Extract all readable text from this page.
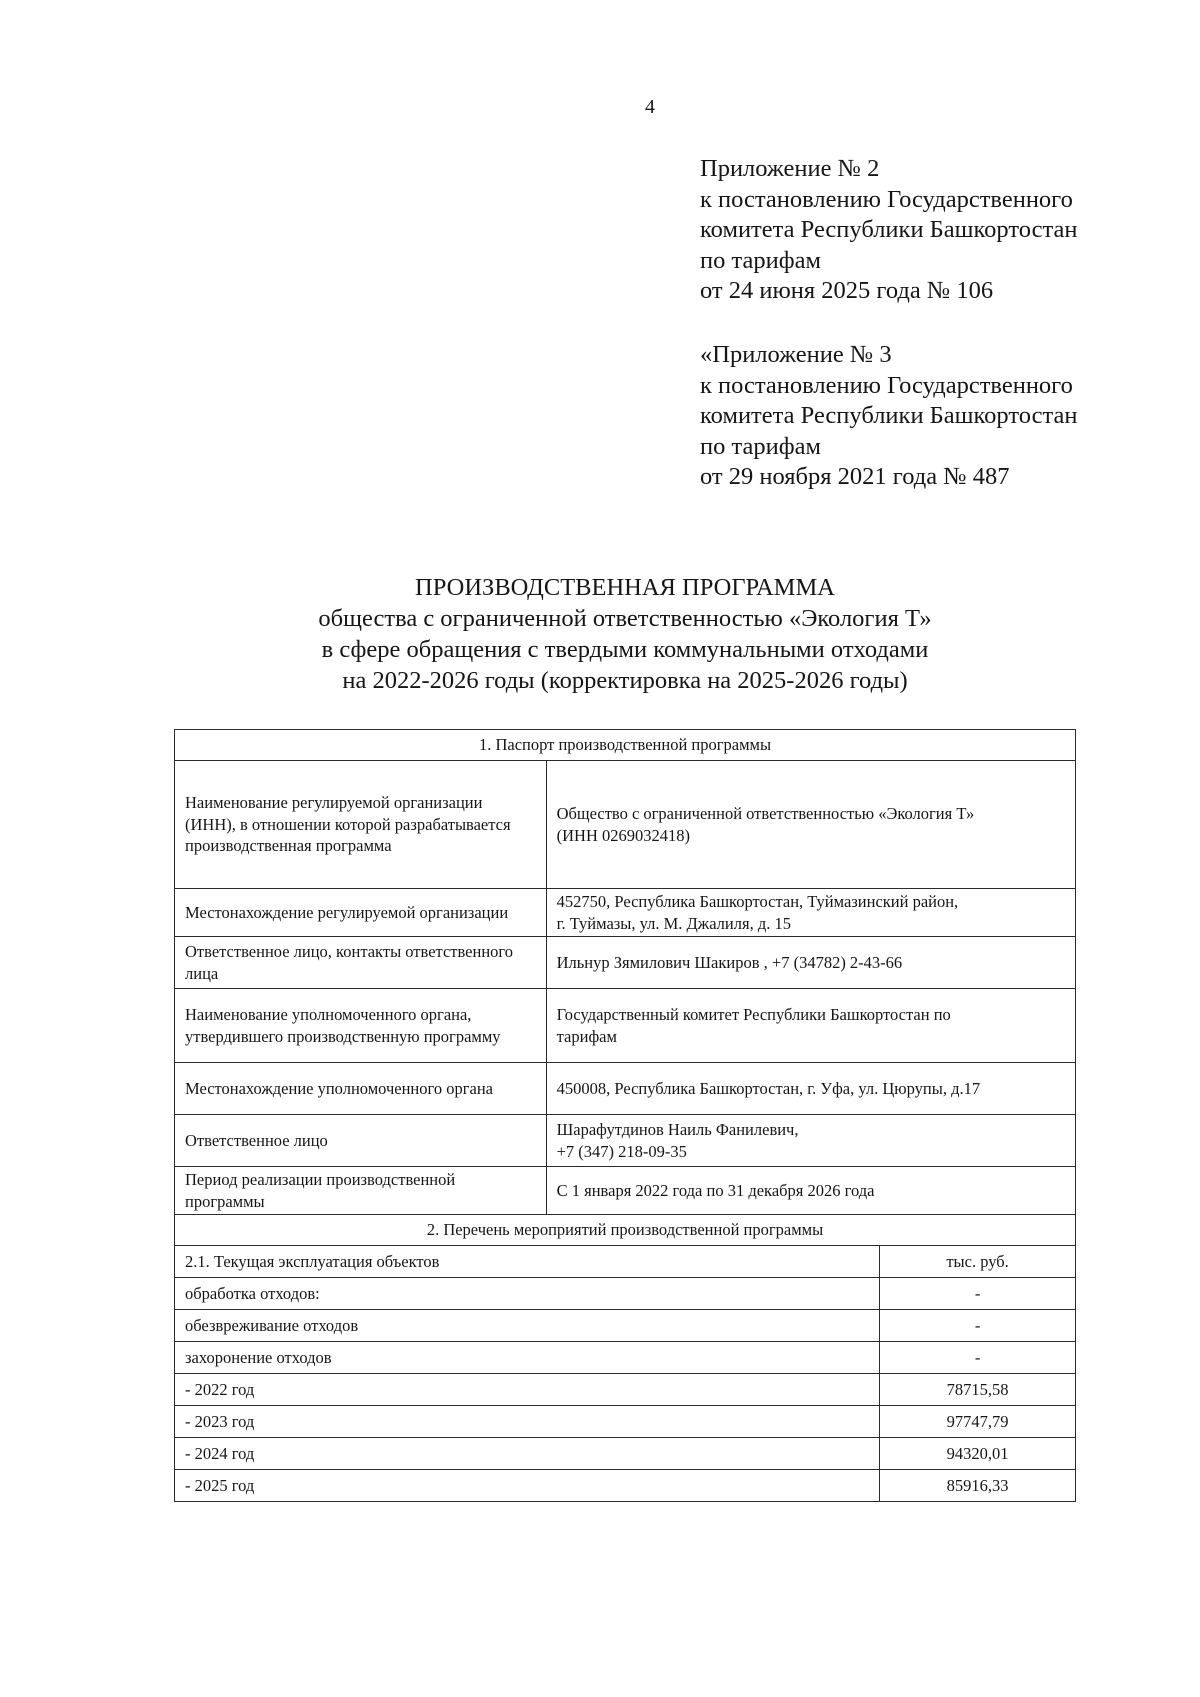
4
Приложение № 2
к постановлению Государственного
комитета Республики Башкортостан
по тарифам
от 24 июня 2025 года № 106
«Приложение № 3
к постановлению Государственного
комитета Республики Башкортостан
по тарифам
от 29 ноября 2021 года № 487
ПРОИЗВОДСТВЕННАЯ ПРОГРАММА
общества с ограниченной ответственностью «Экология Т»
в сфере обращения с твердыми коммунальными отходами
на 2022-2026 годы (корректировка на 2025-2026 годы)
1. Паспорт производственной программы		
Наименование регулируемой организации (ИНН), в отношении которой разрабатывается производственная программа	Общество с ограниченной ответственностью «Экология Т»
(ИНН 0269032418)	

Местонахождение регулируемой организации	452750, Республика Башкортостан, Туймазинский район,
г. Туймазы, ул. М. Джалиля, д. 15	

Ответственное лицо, контакты ответственного лица	Ильнур Зямилович Шакиров , +7 (34782) 2-43-66	

Наименование уполномоченного органа, утвердившего производственную программу	Государственный комитет Республики Башкортостан по
тарифам	

Местонахождение уполномоченного органа	450008, Республика Башкортостан, г. Уфа, ул. Цюрупы, д.17	

Ответственное лицо	Шарафутдинов Наиль Фанилевич,
+7 (347) 218-09-35	

Период реализации производственной программы	С 1 января 2022 года по 31 декабря 2026 года	

2. Перечень мероприятий производственной программы		
2.1. Текущая эксплуатация объектов		тыс. руб.
обработка отходов:		-
обезвреживание отходов		-
захоронение отходов		-
- 2022 год		78715,58
- 2023 год		97747,79
- 2024 год		94320,01
- 2025 год		85916,33
